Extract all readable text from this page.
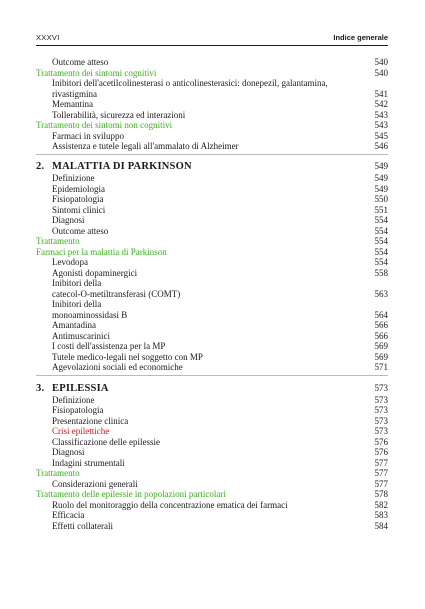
XXXVI	Indice generale
Outcome atteso	540
Trattamento dei sintomi cognitivi	540
Inibitori dell'acetilcolinesterasi o anticolinesterasici: donepezil, galantamina, rivastigmina	541
Memantina	542
Tollerabilità, sicurezza ed interazioni	543
Trattamento dei sintomi non cognitivi	543
Farmaci in sviluppo	545
Assistenza e tutele legali all'ammalato di Alzheimer	546
2. MALATTIA DI PARKINSON	549
Definizione	549
Epidemiologia	549
Fisiopatologia	550
Sintomi clinici	551
Diagnosi	554
Outcome atteso	554
Trattamento	554
Farmaci per la malattia di Parkinson	554
Levodopa	554
Agonisti dopaminergici	558
Inibitori della
catecol-O-metiltransferasi (COMT)	563
Inibitori della
monoaminossidasi B	564
Amantadina	566
Antimuscarinici	566
I costi dell'assistenza per la MP	569
Tutele medico-legali nel soggetto con MP	569
Agevolazioni sociali ed economiche	571
3. EPILESSIA	573
Definizione	573
Fisiopatologia	573
Presentazione clinica	573
Crisi epilettiche	573
Classificazione delle epilessie	576
Diagnosi	576
Indagini strumentali	577
Trattamento	577
Considerazioni generali	577
Trattamento delle epilessie in popolazioni particolari	578
Ruolo del monitoraggio della concentrazione ematica dei farmaci	582
Efficacia	583
Effetti collaterali	584
